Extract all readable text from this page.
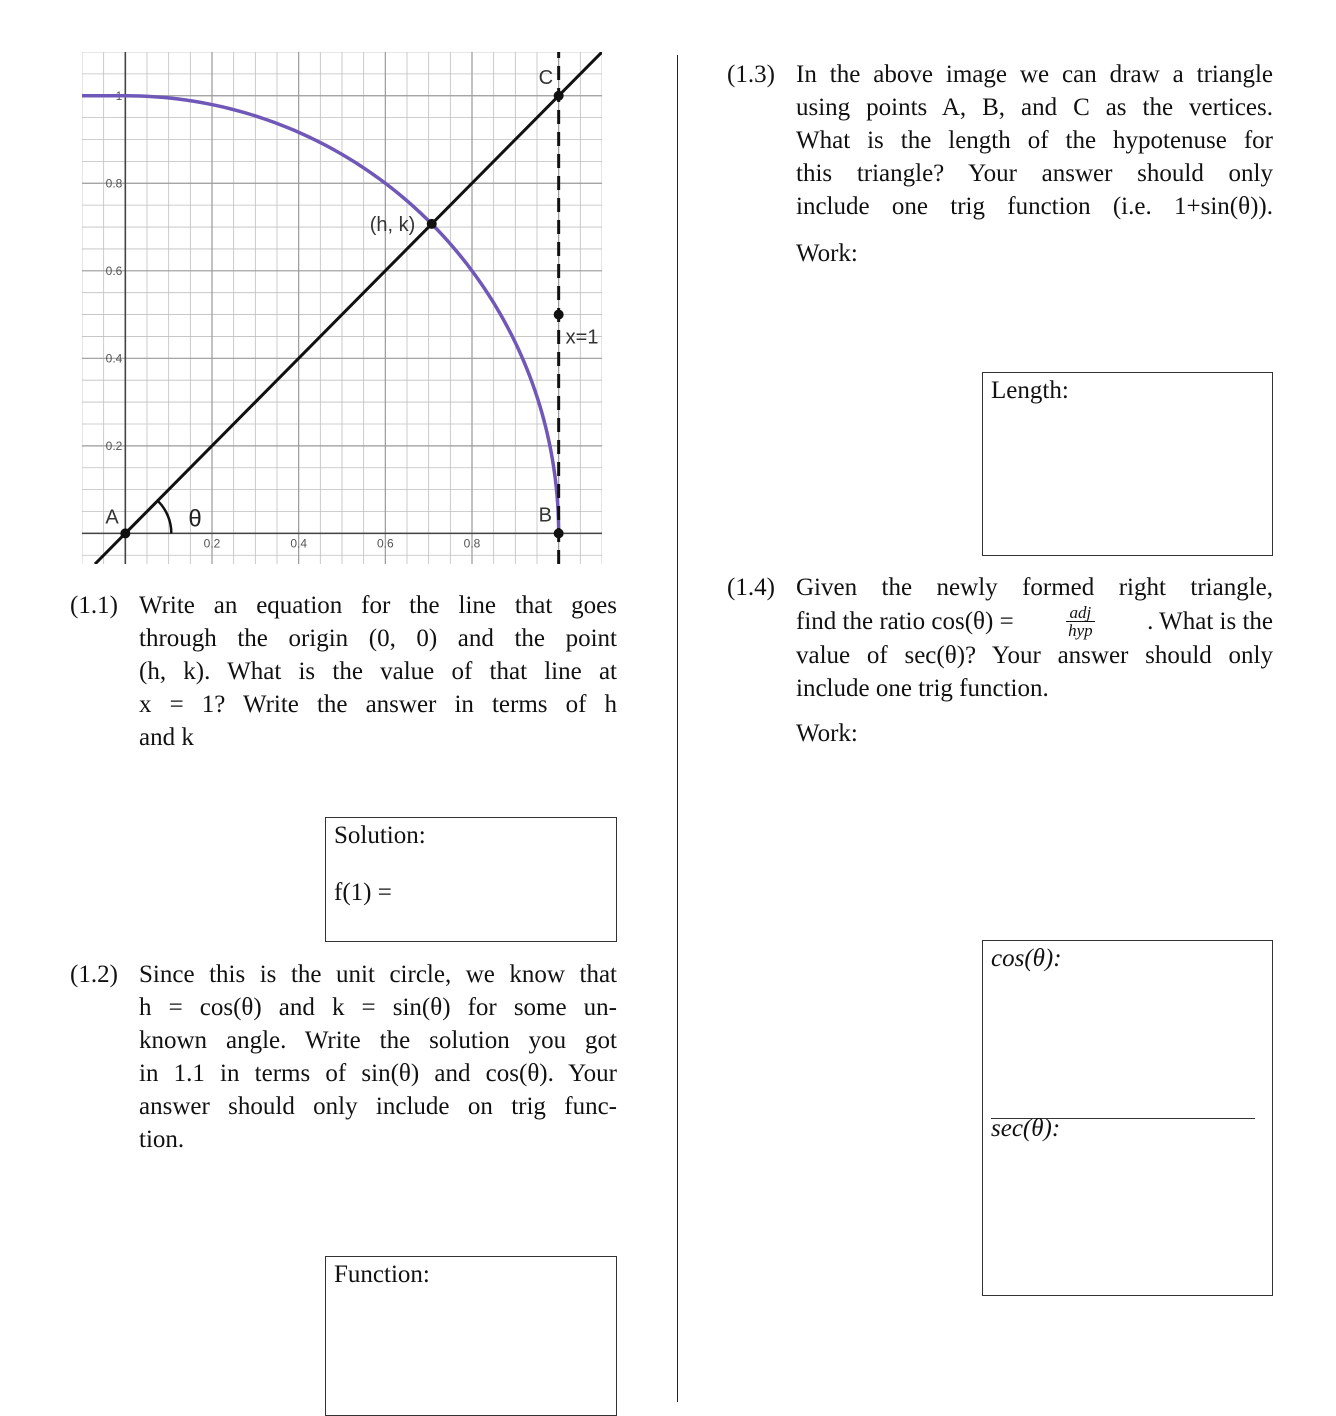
0.2	0.4	0.6	0.8
0.2
0.4
0.6
0.8
1
A	B
C
(h, k)
θ
x=1
(1.1) Write an equation for the line that goes
through the origin (0, 0) and the point
(h, k). What is the value of that line at
x = 1? Write the answer in terms of h
and k
Solution:
f(1) =
(1.2) Since this is the unit circle, we know that
h = cos(θ) and k = sin(θ) for some un-
known angle. Write the solution you got
in 1.1 in terms of sin(θ) and cos(θ). Your
answer should only include on trig func-
tion.
Function:
(1.3) In the above image we can draw a triangle
using points A, B, and C as the vertices.
What is the length of the hypotenuse for
this triangle? Your answer should only
include one trig function (i.e. 1+sin(θ)).
Work:
Length:
(1.4) Given the newly formed right triangle,
find the ratio cos(θ) =	$\frac{\text{adj}}{\text{hyp}}$ . What is the
value of sec(θ)? Your answer should only
include one trig function.
Work:
cos(θ):
sec(θ):
